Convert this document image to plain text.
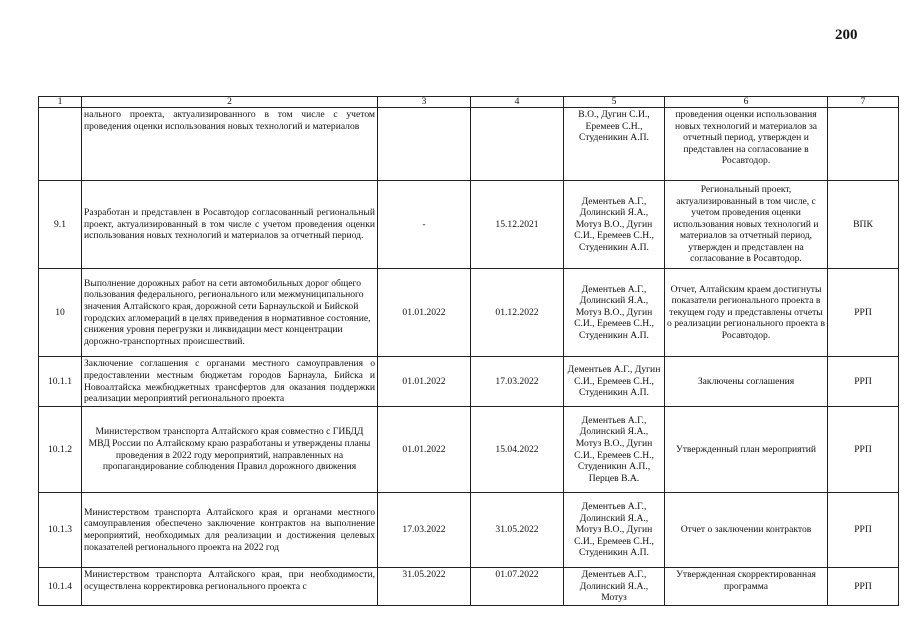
200
1	2	3	4	5	6	7
	нального проекта, актуализированного в том числе с учетом проведения оценки использования новых технологий и материалов			В.О., Дугин С.И., Еремеев С.Н., Студеникин А.П.	проведения оценки использования новых технологий и материалов за отчетный период, утвержден и представлен на согласование в Росавтодор.	
9.1	Разработан и представлен в Росавтодор согласованный региональный проект, актуализированный в том числе с учетом проведения оценки использования новых технологий и материалов за отчетный период.	-	15.12.2021	Дементьев А.Г., Долинский Я.А., Мотуз В.О., Дугин С.И., Еремеев С.Н., Студеникин А.П.	Региональный проект, актуализированный в том числе, с учетом проведения оценки использования новых технологий и материалов за отчетный период, утвержден и представлен на согласование в Росавтодор.	ВПК
10	Выполнение дорожных работ на сети автомобильных дорог общего пользования федерального, регионального или межмуниципального значения Алтайского края, дорожной сети Барнаульской и Бийской городских агломераций в целях приведения в нормативное состояние, снижения уровня перегрузки и ликвидации мест концентрации дорожно-транспортных происшествий.	01.01.2022	01.12.2022	Дементьев А.Г., Долинский Я.А., Мотуз В.О., Дугин С.И., Еремеев С.Н., Студеникин А.П.	Отчет, Алтайским краем достигнуты показатели регионального проекта в текущем году и представлены отчеты о реализации регионального проекта в Росавтодор.	РРП
10.1.1	Заключение соглашения с органами местного самоуправления о предоставлении местным бюджетам городов Барнаула, Бийска и Новоалтайска межбюджетных трансфертов для оказания поддержки реализации мероприятий регионального проекта	01.01.2022	17.03.2022	Дементьев А.Г., Дугин С.И., Еремеев С.Н., Студеникин А.П.	Заключены соглашения	РРП
10.1.2	Министерством транспорта Алтайского края совместно с ГИБДД МВД России по Алтайскому краю разработаны и утверждены планы проведения в 2022 году мероприятий, направленных на пропагандирование соблюдения Правил дорожного движения	01.01.2022	15.04.2022	Дементьев А.Г., Долинский Я.А., Мотуз В.О., Дугин С.И., Еремеев С.Н., Студеникин А.П., Перцев В.А.	Утвержденный план мероприятий	РРП
10.1.3	Министерством транспорта Алтайского края и органами местного самоуправления обеспечено заключение контрактов на выполнение мероприятий, необходимых для реализации и достижения целевых показателей регионального проекта на 2022 год	17.03.2022	31.05.2022	Дементьев А.Г., Долинский Я.А., Мотуз В.О., Дугин С.И., Еремеев С.Н., Студеникин А.П.	Отчет о заключении контрактов	РРП
10.1.4	Министерством транспорта Алтайского края, при необходимости, осуществлена корректировка регионального проекта с	31.05.2022	01.07.2022	Дементьев А.Г., Долинский Я.А., Мотуз	Утвержденная скорректированная программа	РРП
